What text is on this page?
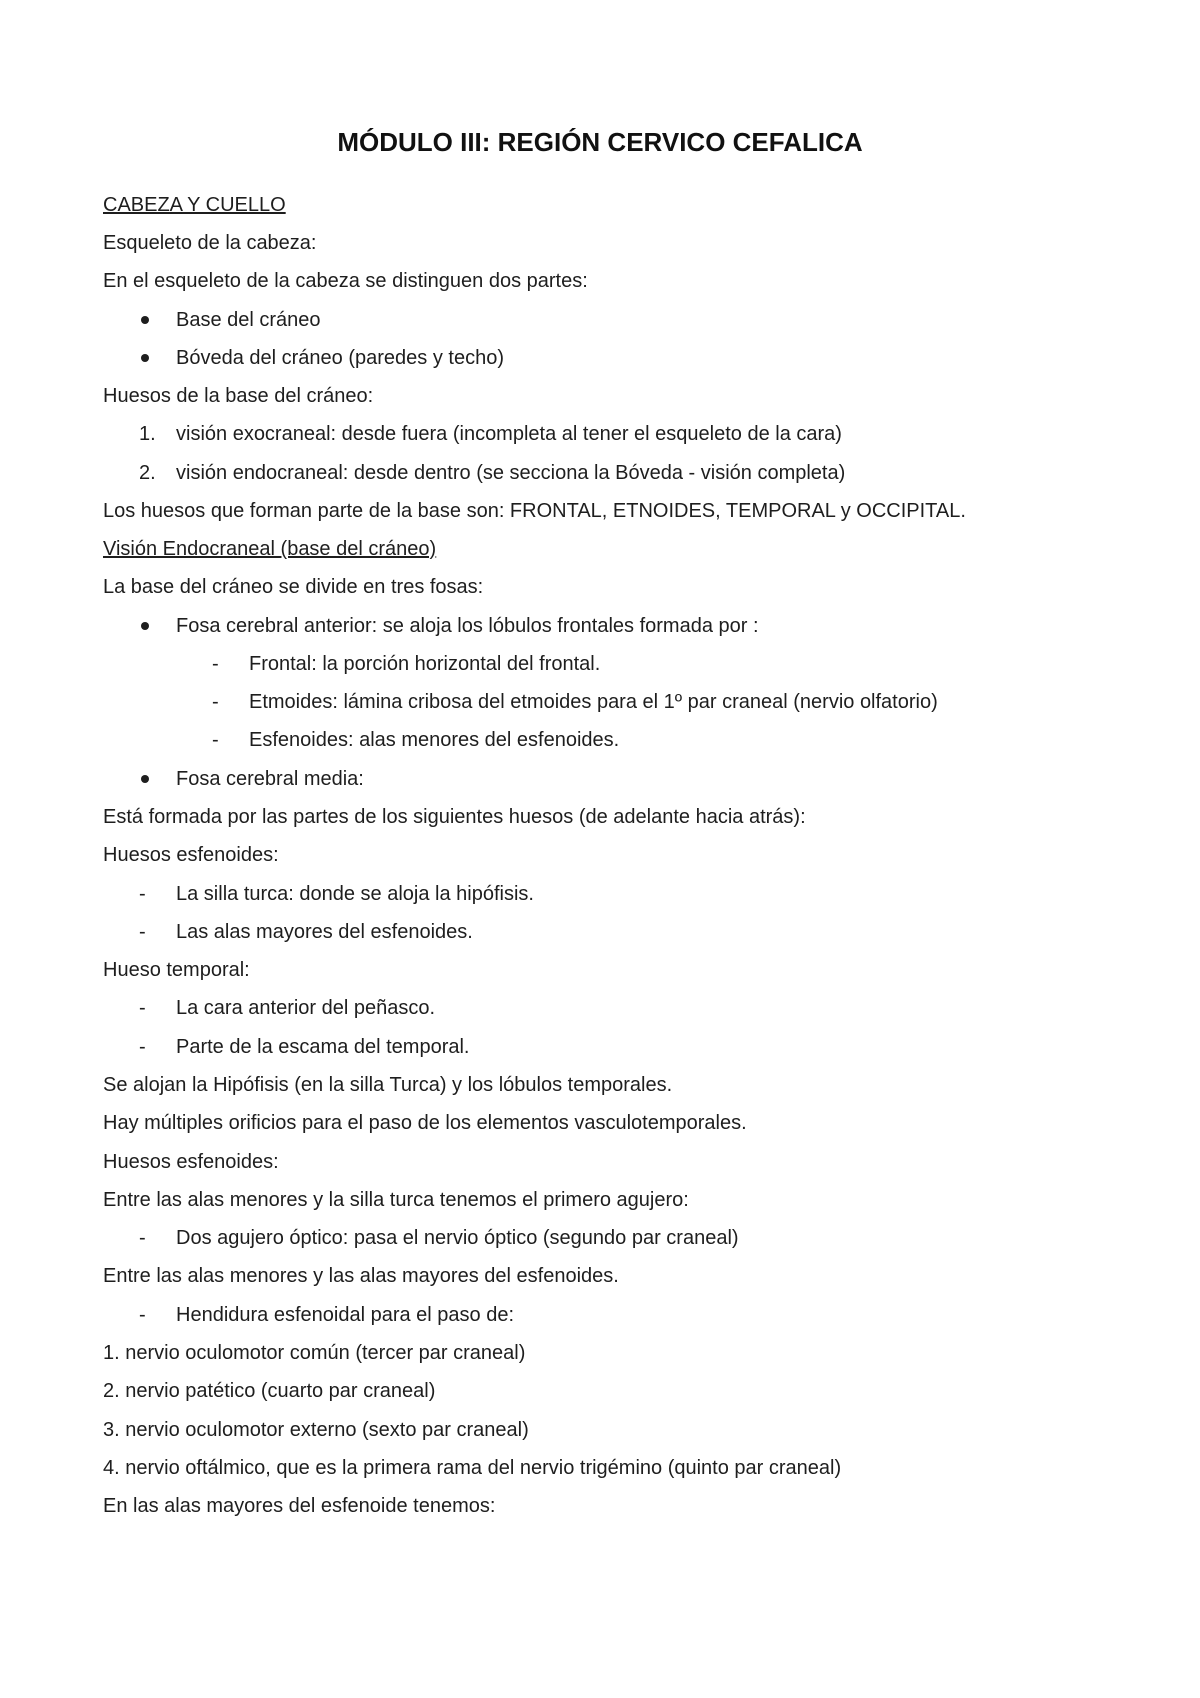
MÓDULO III: REGIÓN CERVICO CEFALICA
CABEZA Y CUELLO
Esqueleto de la cabeza:
En el esqueleto de la cabeza se distinguen dos partes:
Base del cráneo
Bóveda del cráneo (paredes y techo)
Huesos de la base del cráneo:
1. visión exocraneal: desde fuera (incompleta al tener el esqueleto de la cara)
2. visión endocraneal: desde dentro (se secciona la Bóveda - visión completa)
Los huesos que forman parte de la base son: FRONTAL, ETNOIDES, TEMPORAL y OCCIPITAL.
Visión Endocraneal (base del cráneo)
La base del cráneo se divide en tres fosas:
Fosa cerebral anterior: se aloja los lóbulos frontales formada por :
- Frontal: la porción horizontal del frontal.
- Etmoides: lámina cribosa del etmoides para el 1º par craneal (nervio olfatorio)
- Esfenoides: alas menores del esfenoides.
Fosa cerebral media:
Está formada por las partes de los siguientes huesos (de adelante hacia atrás):
Huesos esfenoides:
- La silla turca: donde se aloja la hipófisis.
- Las alas mayores del esfenoides.
Hueso temporal:
- La cara anterior del peñasco.
- Parte de la escama del temporal.
Se alojan la Hipófisis (en la silla Turca) y los lóbulos temporales.
Hay múltiples orificios para el paso de los elementos vasculotemporales.
Huesos esfenoides:
Entre las alas menores y la silla turca tenemos el primero agujero:
- Dos agujero óptico: pasa el nervio óptico (segundo par craneal)
Entre las alas menores y las alas mayores del esfenoides.
- Hendidura esfenoidal para el paso de:
1. nervio oculomotor común (tercer par craneal)
2. nervio patético (cuarto par craneal)
3. nervio oculomotor externo (sexto par craneal)
4. nervio oftálmico, que es la primera rama del nervio trigémino (quinto par craneal)
En las alas mayores del esfenoide tenemos:
